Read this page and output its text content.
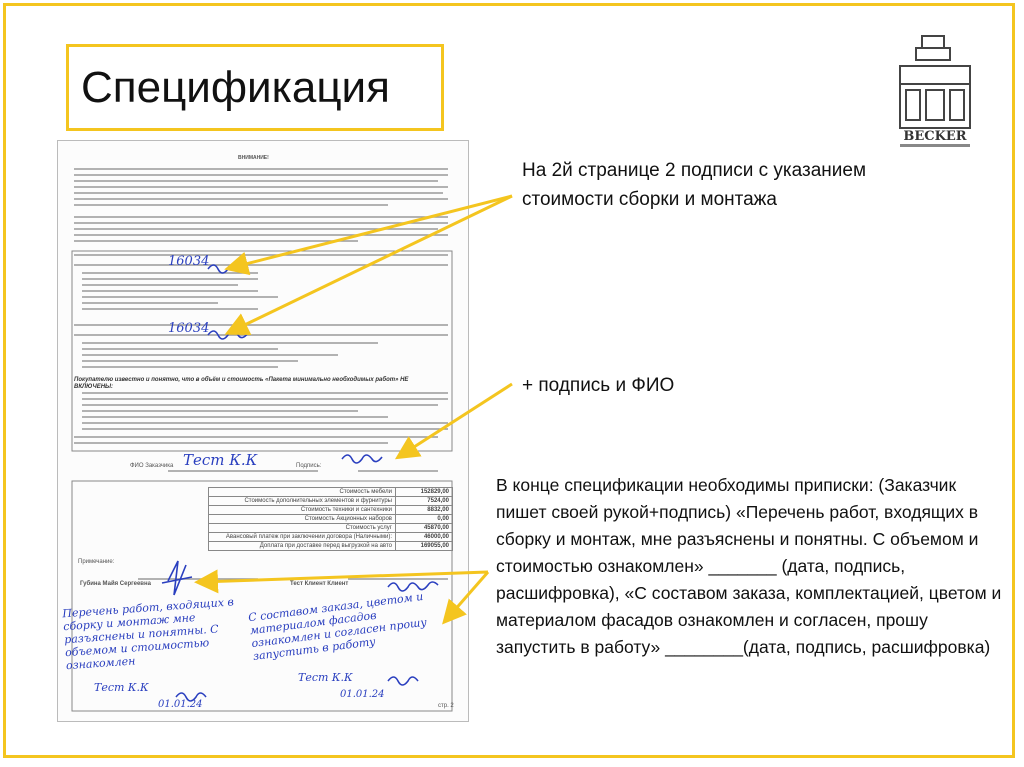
Спецификация
BECKER
ВНИМАНИЕ!
Покупателю известно и понятно, что в объём и стоимость «Пакета минимально необходимых работ» НЕ ВКЛЮЧЕНЫ:
16034
16034
ФИО Заказчика Тест К.К	Подпись:
Стоимость мебели	152829,00
Стоимость дополнительных элементов и фурнитуры	7524,00
Стоимость техники и сантехники	8832,00
Стоимость Акционных наборов	0,00
Стоимость услуг	45870,00
Авансовый платеж при заключении договора (Наличными):	46000,00
Доплата при доставке перед выгрузкой на авто	169055,00
Примечание:
Губина Майя Сергеевна	Тест Клиент Клиент
Перечень работ, входящих в сборку и монтаж мне разъяснены и понятны. С объемом и стоимостью ознакомлен
С составом заказа, цветом и материалом фасадов ознакомлен и согласен прошу запустить в работу
Тест К.К
01.01.24
Тест К.К
01.01.24
стр. 2
На 2й странице 2 подписи с указанием стоимости сборки и монтажа
+ подпись и ФИО
В конце спецификации необходимы приписки: (Заказчик пишет своей рукой+подпись) «Перечень работ, входящих в сборку и монтаж, мне разъяснены и понятны. С объемом и стоимостью ознакомлен» _______ (дата, подпись, расшифровка), «С составом заказа, комплектацией, цветом и материалом фасадов ознакомлен и согласен, прошу запустить в работу» ________(дата, подпись, расшифровка)
